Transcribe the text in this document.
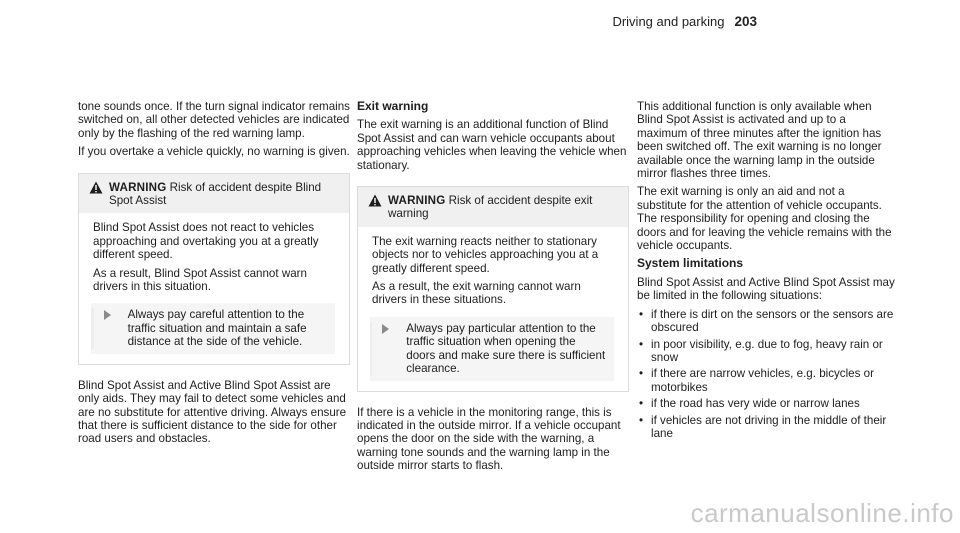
Driving and parking 203

tone sounds once. If the turn signal indicator remains switched on, all other detected vehicles are indicated only by the flashing of the red warning lamp.

If you overtake a vehicle quickly, no warning is given.

WARNING Risk of accident despite Blind Spot Assist

Blind Spot Assist does not react to vehicles approaching and overtaking you at a greatly different speed.

As a result, Blind Spot Assist cannot warn drivers in this situation.

Always pay careful attention to the traffic situation and maintain a safe distance at the side of the vehicle.

Blind Spot Assist and Active Blind Spot Assist are only aids. They may fail to detect some vehicles and are no substitute for attentive driving. Always ensure that there is sufficient distance to the side for other road users and obstacles.

Exit warning

The exit warning is an additional function of Blind Spot Assist and can warn vehicle occupants about approaching vehicles when leaving the vehicle when stationary.

WARNING Risk of accident despite exit warning

The exit warning reacts neither to stationary objects nor to vehicles approaching you at a greatly different speed.

As a result, the exit warning cannot warn drivers in these situations.

Always pay particular attention to the traffic situation when opening the doors and make sure there is sufficient clearance.

If there is a vehicle in the monitoring range, this is indicated in the outside mirror. If a vehicle occupant opens the door on the side with the warning, a warning tone sounds and the warning lamp in the outside mirror starts to flash.

This additional function is only available when Blind Spot Assist is activated and up to a maximum of three minutes after the ignition has been switched off. The exit warning is no longer available once the warning lamp in the outside mirror flashes three times.

The exit warning is only an aid and not a substitute for the attention of vehicle occupants. The responsibility for opening and closing the doors and for leaving the vehicle remains with the vehicle occupants.

System limitations

Blind Spot Assist and Active Blind Spot Assist may be limited in the following situations:

• if there is dirt on the sensors or the sensors are obscured
• in poor visibility, e.g. due to fog, heavy rain or snow
• if there are narrow vehicles, e.g. bicycles or motorbikes
• if the road has very wide or narrow lanes
• if vehicles are not driving in the middle of their lane
carmanualsonline.info
